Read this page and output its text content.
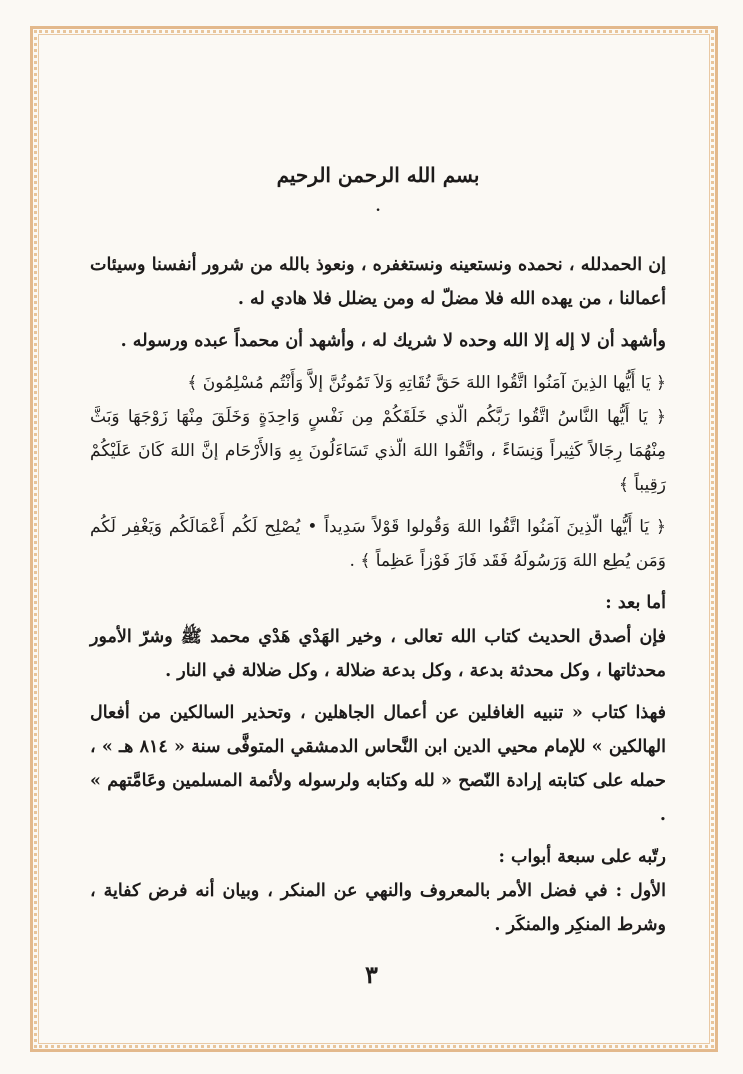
بسم الله الرحمن الرحيم

.

إن الحمدلله ، نحمده ونستعينه ونستغفره ، ونعوذ بالله من شرور أنفسنا وسيئات أعمالنا ، من يهده الله فلا مضلّ له ومن يضلل فلا هادي له .

وأشهد أن لا إله إلا الله وحده لا شريك له ، وأشهد أن محمداً عبده ورسوله .

﴿ يَا أَيُّها الذِينَ آمَنُوا اتَّقُوا اللهَ حَقَّ تُقَاتِهِ وَلاَ تَمُوتُنَّ إلاَّ وَأَنْتُم مُسْلِمُونَ ﴾

﴿ يَا أَيُّها النَّاسُ اتَّقُوا رَبَّكُم الّذي خَلَقَكُمْ مِن نَفْسٍ وَاحِدَةٍ وَخَلَقَ مِنْهَا زَوْجَهَا وَبَثَّ مِنْهُمَا رِجَالاً كَثِيراً وَنِسَاءً ، واتَّقُوا اللهَ الّذي تَسَاءَلُونَ بِهِ وَالأَرْحَام إنَّ اللهَ كَانَ عَلَيْكُمْ رَقِيباً ﴾

﴿ يَا أَيُّها الّذِينَ آمَنُوا اتَّقُوا اللهَ وَقُولوا قَوْلاً سَدِيداً • يُصْلِح لَكُم أَعْمَالَكُم وَيَغْفِر لَكُم وَمَن يُطِع اللهَ وَرَسُولَهُ فَقَد فَازَ فَوْزاً عَظِماً ﴾ .

أما بعد :

فإن أصدق الحديث كتاب الله تعالى ، وخير الهَدْي هَدْي محمد ﷺ وشرّ الأمور محدثاتها ، وكل محدثة بدعة ، وكل بدعة ضلالة ، وكل ضلالة في النار .

فهذا كتاب « تنبيه الغافلين عن أعمال الجاهلين ، وتحذير السالكين من أفعال الهالكين » للإمام محيي الدين ابن النَّحاس الدمشقي المتوفَّى سنة « ٨١٤ هـ » ، حمله على كتابته إرادة النّصح « لله وكتابه ولرسوله ولأئمة المسلمين وعَامَّتهم » .

رتّبه على سبعة أبواب :

الأول : في فضل الأمر بالمعروف والنهي عن المنكر ، وبيان أنه فرض كفاية ، وشرط المنكِر والمنكَر .

٣
